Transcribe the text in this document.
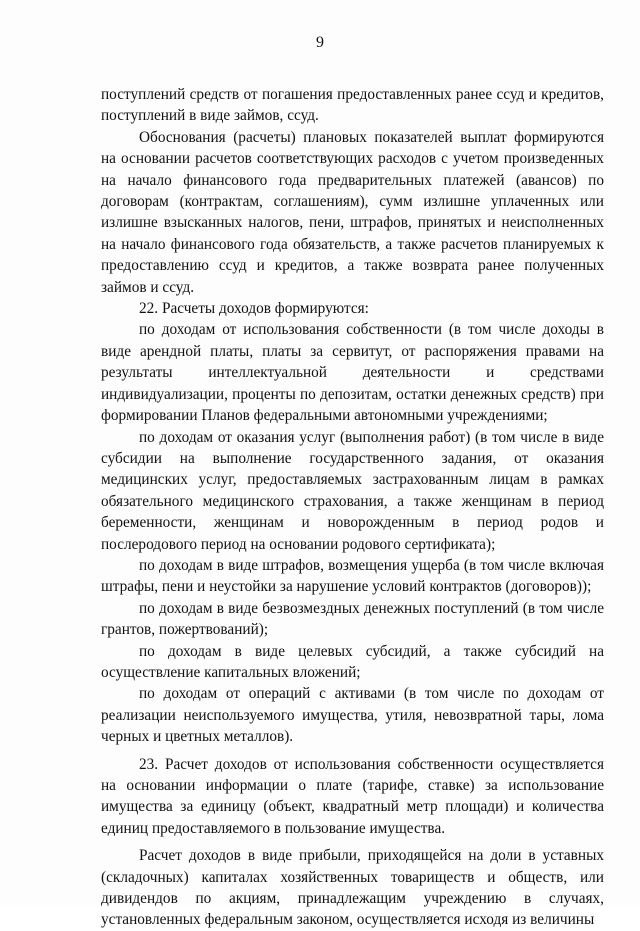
9

поступлений средств от погашения предоставленных ранее ссуд и кредитов, поступлений в виде займов, ссуд.

Обоснования (расчеты) плановых показателей выплат формируются на основании расчетов соответствующих расходов с учетом произведенных на начало финансового года предварительных платежей (авансов) по договорам (контрактам, соглашениям), сумм излишне уплаченных или излишне взысканных налогов, пени, штрафов, принятых и неисполненных на начало финансового года обязательств, а также расчетов планируемых к предоставлению ссуд и кредитов, а также возврата ранее полученных займов и ссуд.

22. Расчеты доходов формируются:

по доходам от использования собственности (в том числе доходы в виде арендной платы, платы за сервитут, от распоряжения правами на результаты интеллектуальной деятельности и средствами индивидуализации, проценты по депозитам, остатки денежных средств) при формировании Планов федеральными автономными учреждениями;

по доходам от оказания услуг (выполнения работ) (в том числе в виде субсидии на выполнение государственного задания, от оказания медицинских услуг, предоставляемых застрахованным лицам в рамках обязательного медицинского страхования, а также женщинам в период беременности, женщинам и новорожденным в период родов и послеродового период на основании родового сертификата);

по доходам в виде штрафов, возмещения ущерба (в том числе включая штрафы, пени и неустойки за нарушение условий контрактов (договоров));

по доходам в виде безвозмездных денежных поступлений (в том числе грантов, пожертвований);

по доходам в виде целевых субсидий, а также субсидий на осуществление капитальных вложений;

по доходам от операций с активами (в том числе по доходам от реализации неиспользуемого имущества, утиля, невозвратной тары, лома черных и цветных металлов).

23. Расчет доходов от использования собственности осуществляется на основании информации о плате (тарифе, ставке) за использование имущества за единицу (объект, квадратный метр площади) и количества единиц предоставляемого в пользование имущества.

Расчет доходов в виде прибыли, приходящейся на доли в уставных (складочных) капиталах хозяйственных товариществ и обществ, или дивидендов по акциям, принадлежащим учреждению в случаях, установленных федеральным законом, осуществляется исходя из величины
